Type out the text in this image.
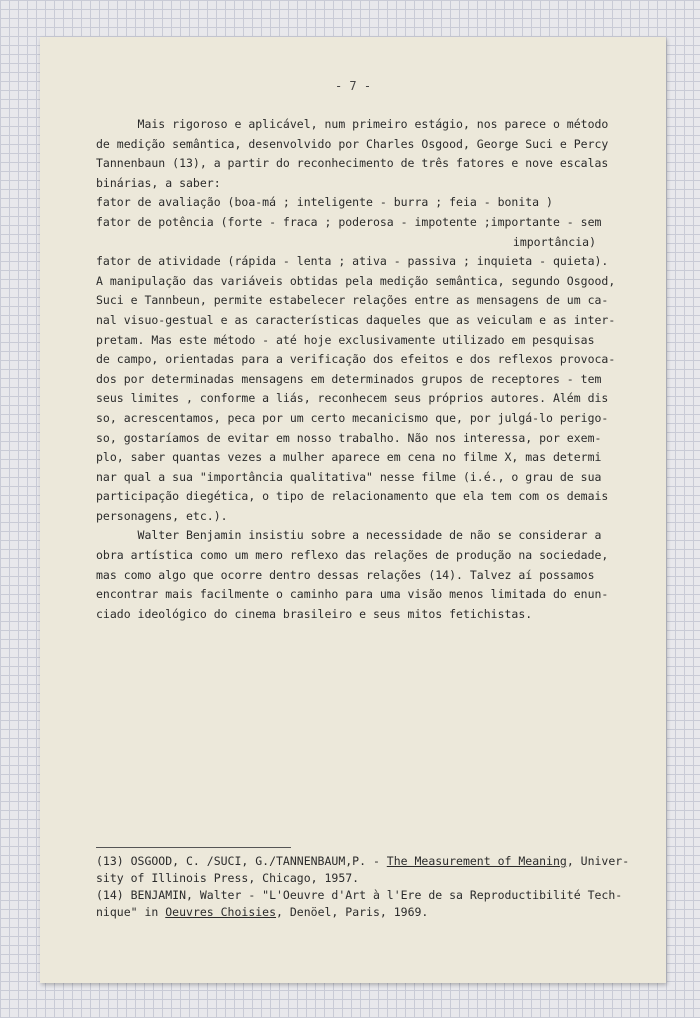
- 7 -
Mais rigoroso e aplicável, num primeiro estágio, nos parece o método
de medição semântica, desenvolvido por Charles Osgood, George Suci e Percy
Tannenbaun (13), a partir do reconhecimento de três fatores e nove escalas
binárias, a saber:
fator de avaliação (boa-má ; inteligente - burra ; feia - bonita )
fator de potência (forte - fraca ; poderosa - impotente ;importante - sem
importância)
fator de atividade (rápida - lenta ; ativa - passiva ; inquieta - quieta).
A manipulação das variáveis obtidas pela medição semântica, segundo Osgood,
Suci e Tannbeun, permite estabelecer relações entre as mensagens de um ca-
nal visuo-gestual e as características daqueles que as veiculam e as inter-
pretam. Mas este método - até hoje exclusivamente utilizado em pesquisas
de campo, orientadas para a verificação dos efeitos e dos reflexos provoca-
dos por determinadas mensagens em determinados grupos de receptores - tem
seus limites , conforme a liás, reconhecem seus próprios autores. Além dis
so, acrescentamos, peca por um certo mecanicismo que, por julgá-lo perigo-
so, gostaríamos de evitar em nosso trabalho. Não nos interessa, por exem-
plo, saber quantas vezes a mulher aparece em cena no filme X, mas determi
nar qual a sua "importância qualitativa" nesse filme (i.é., o grau de sua
participação diegética, o tipo de relacionamento que ela tem com os demais
personagens, etc.).
Walter Benjamin insistiu sobre a necessidade de não se considerar a
obra artística como um mero reflexo das relações de produção na sociedade,
mas como algo que ocorre dentro dessas relações (14). Talvez aí possamos
encontrar mais facilmente o caminho para uma visão menos limitada do enun-
ciado ideológico do cinema brasileiro e seus mitos fetichistas.
(13) OSGOOD, C. /SUCI, G./TANNENBAUM,P. - The Measurement of Meaning, Univer-
sity of Illinois Press, Chicago, 1957.
(14) BENJAMIN, Walter - "L'Oeuvre d'Art à l'Ere de sa Reproductibilité Tech-
nique" in Oeuvres Choisies, Denöel, Paris, 1969.
